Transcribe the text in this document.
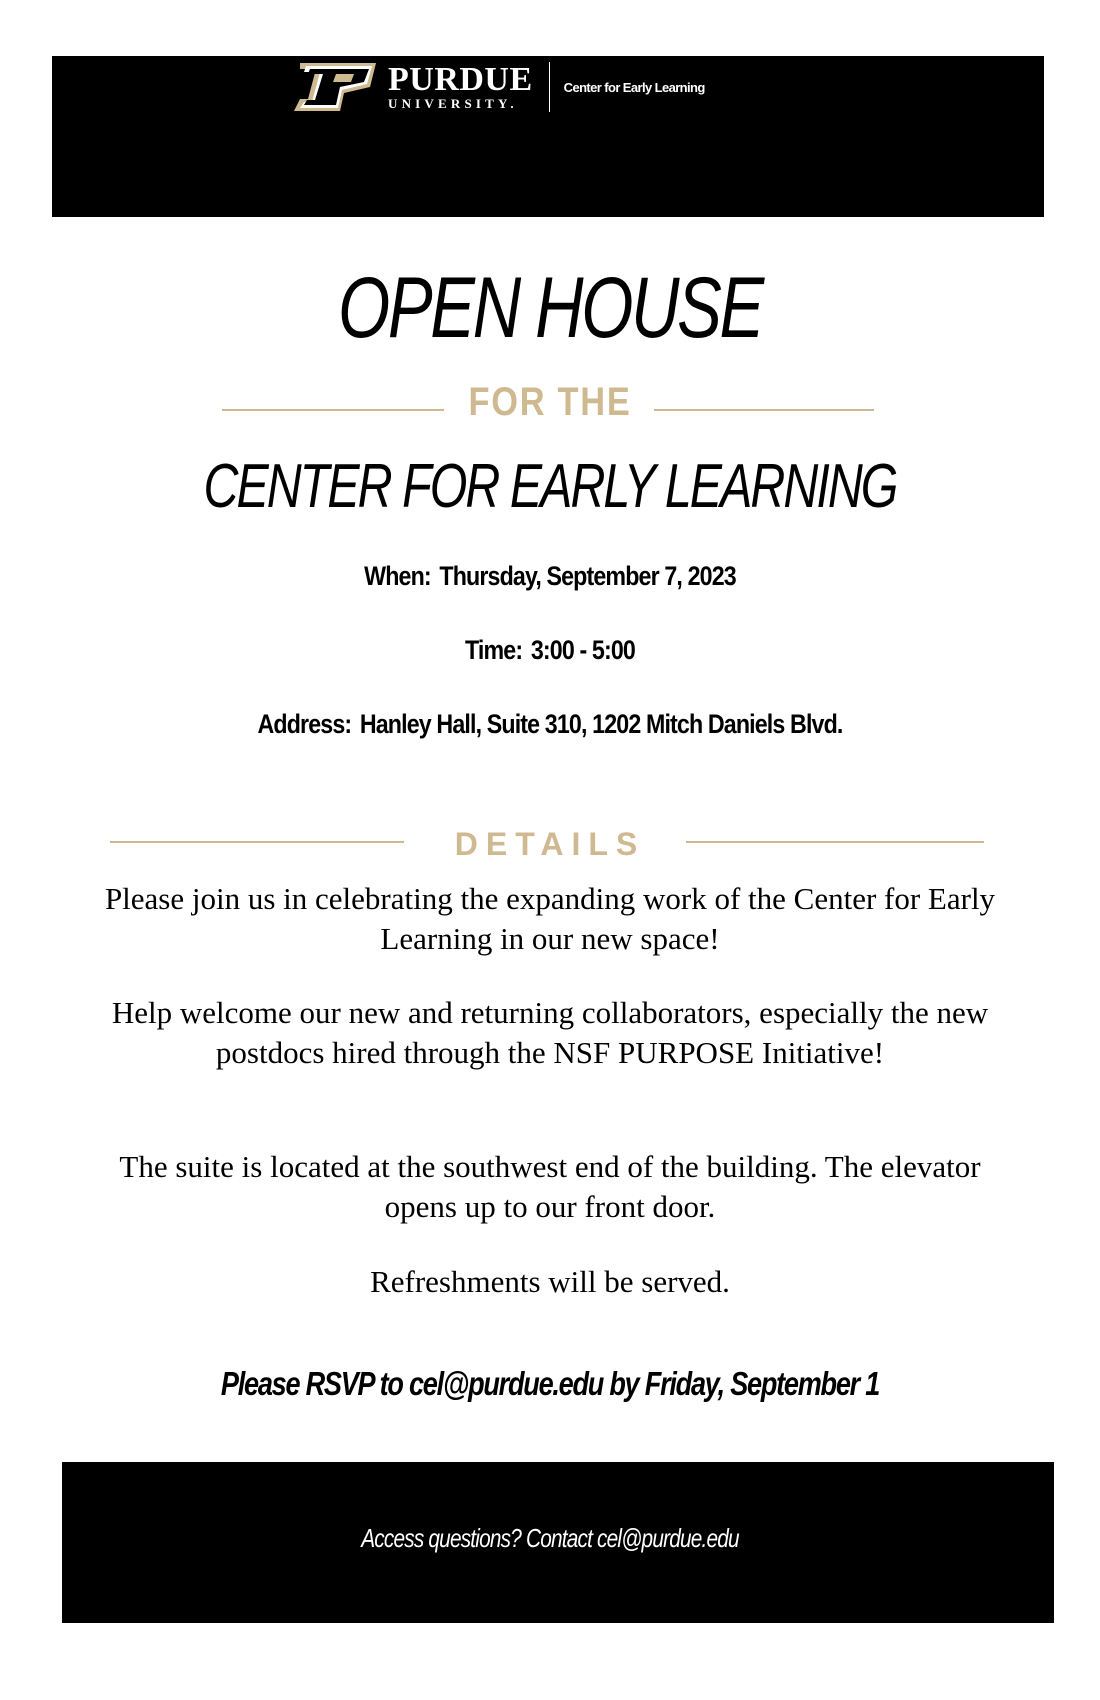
PURDUE
UNIVERSITY.
Center for Early Learning
OPEN HOUSE
FOR THE
CENTER FOR EARLY LEARNING
When: Thursday, September 7, 2023
Time: 3:00 - 5:00
Address: Hanley Hall, Suite 310, 1202 Mitch Daniels Blvd.
DETAILS

Please join us in celebrating the expanding work of the Center for Early Learning in our new space!

Help welcome our new and returning collaborators, especially the new postdocs hired through the NSF PURPOSE Initiative!

The suite is located at the southwest end of the building. The elevator opens up to our front door.

Refreshments will be served.

Please RSVP to cel@purdue.edu by Friday, September 1
Access questions? Contact cel@purdue.edu
